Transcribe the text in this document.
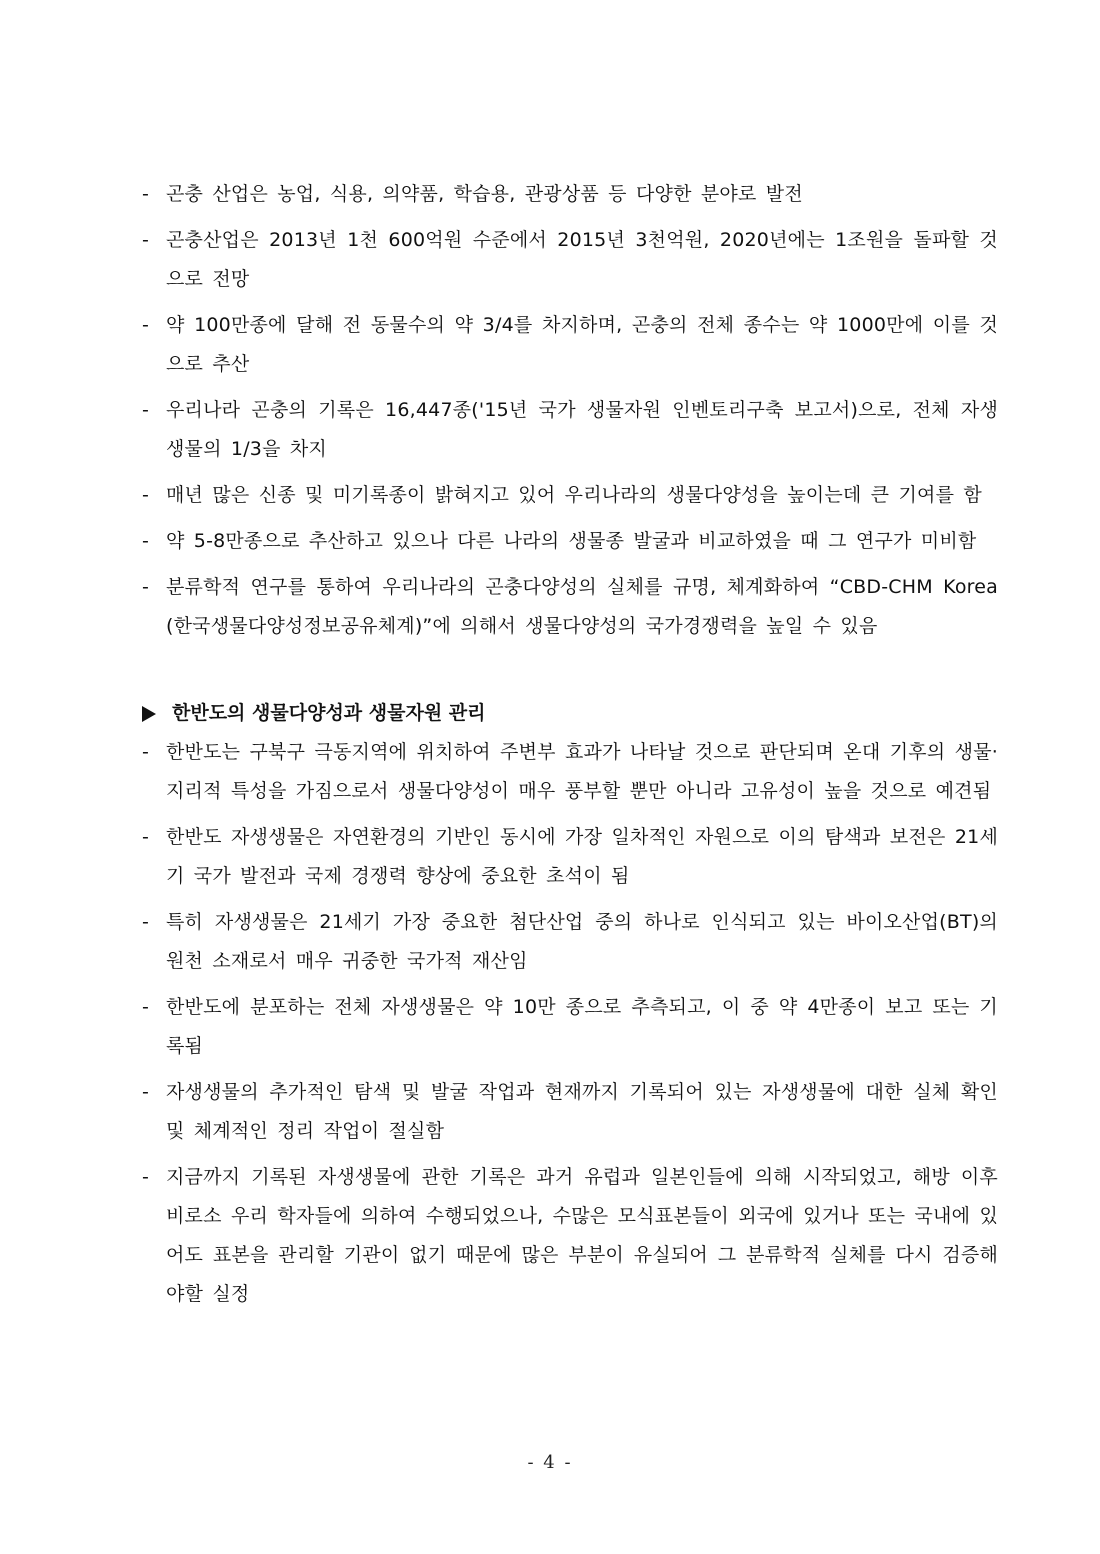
- 곤충 산업은 농업, 식용, 의약품, 학습용, 관광상품 등 다양한 분야로 발전
- 곤충산업은 2013년 1천 600억원 수준에서 2015년 3천억원, 2020년에는 1조원을 돌파할 것으로 전망
- 약 100만종에 달해 전 동물수의 약 3/4를 차지하며, 곤충의 전체 종수는 약 1000만에 이를 것으로 추산
- 우리나라 곤충의 기록은 16,447종('15년 국가 생물자원 인벤토리구축 보고서)으로, 전체 자생생물의 1/3을 차지
- 매년 많은 신종 및 미기록종이 밝혀지고 있어 우리나라의 생물다양성을 높이는데 큰 기여를 함
- 약 5-8만종으로 추산하고 있으나 다른 나라의 생물종 발굴과 비교하였을 때 그 연구가 미비함
- 분류학적 연구를 통하여 우리나라의 곤충다양성의 실체를 규명, 체계화하여 “CBD-CHM Korea (한국생물다양성정보공유체계)”에 의해서 생물다양성의 국가경쟁력을 높일 수 있음
한반도의 생물다양성과 생물자원 관리
- 한반도는 구북구 극동지역에 위치하여 주변부 효과가 나타날 것으로 판단되며 온대 기후의 생물·지리적 특성을 가짐으로서 생물다양성이 매우 풍부할 뿐만 아니라 고유성이 높을 것으로 예견됨
- 한반도 자생생물은 자연환경의 기반인 동시에 가장 일차적인 자원으로 이의 탐색과 보전은 21세기 국가 발전과 국제 경쟁력 향상에 중요한 초석이 됨
- 특히 자생생물은 21세기 가장 중요한 첨단산업 중의 하나로 인식되고 있는 바이오산업(BT)의 원천 소재로서 매우 귀중한 국가적 재산임
- 한반도에 분포하는 전체 자생생물은 약 10만 종으로 추측되고, 이 중 약 4만종이 보고 또는 기록됨
- 자생생물의 추가적인 탐색 및 발굴 작업과 현재까지 기록되어 있는 자생생물에 대한 실체 확인 및 체계적인 정리 작업이 절실함
- 지금까지 기록된 자생생물에 관한 기록은 과거 유럽과 일본인들에 의해 시작되었고, 해방 이후 비로소 우리 학자들에 의하여 수행되었으나, 수많은 모식표본들이 외국에 있거나 또는 국내에 있어도 표본을 관리할 기관이 없기 때문에 많은 부분이 유실되어 그 분류학적 실체를 다시 검증해야할 실정
- 4 -
